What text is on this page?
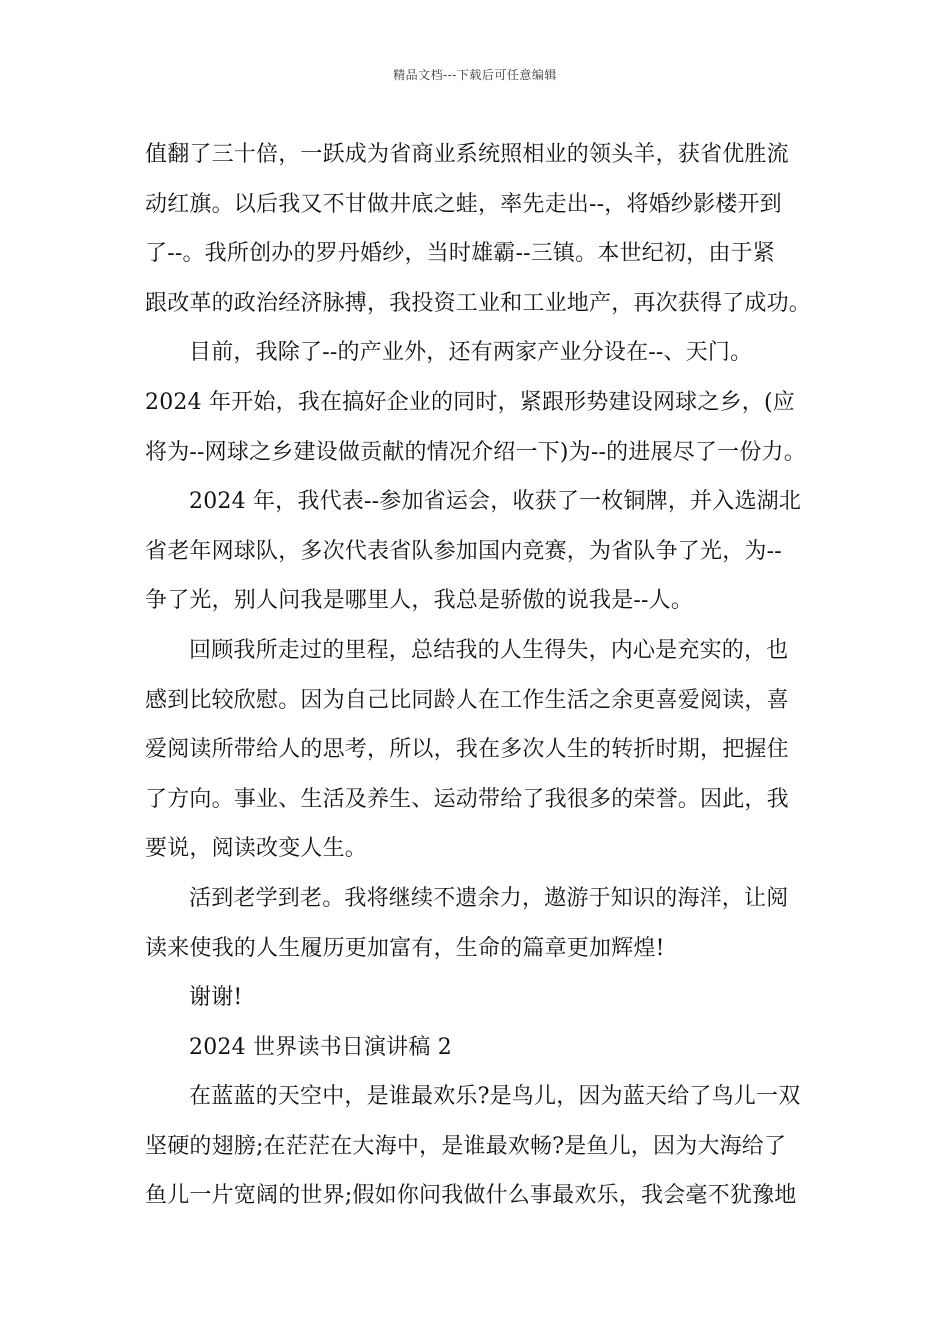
精品文档---下载后可任意编辑
值翻了三十倍，一跃成为省商业系统照相业的领头羊，获省优胜流
动红旗。以后我又不甘做井底之蛙，率先走出--，将婚纱影楼开到
了--。我所创办的罗丹婚纱，当时雄霸--三镇。本世纪初，由于紧
跟改革的政治经济脉搏，我投资工业和工业地产，再次获得了成功。
目前，我除了--的产业外，还有两家产业分设在--、天门。
2024 年开始，我在搞好企业的同时，紧跟形势建设网球之乡，(应
将为--网球之乡建设做贡献的情况介绍一下)为--的进展尽了一份力。
2024 年，我代表--参加省运会，收获了一枚铜牌，并入选湖北
省老年网球队，多次代表省队参加国内竞赛，为省队争了光，为--
争了光，别人问我是哪里人，我总是骄傲的说我是--人。
回顾我所走过的里程，总结我的人生得失，内心是充实的，也
感到比较欣慰。因为自己比同龄人在工作生活之余更喜爱阅读，喜
爱阅读所带给人的思考，所以，我在多次人生的转折时期，把握住
了方向。事业、生活及养生、运动带给了我很多的荣誉。因此，我
要说，阅读改变人生。
活到老学到老。我将继续不遗余力，遨游于知识的海洋，让阅
读来使我的人生履历更加富有，生命的篇章更加辉煌!
谢谢!
2024 世界读书日演讲稿 2
在蓝蓝的天空中，是谁最欢乐?是鸟儿，因为蓝天给了鸟儿一双
坚硬的翅膀;在茫茫在大海中，是谁最欢畅?是鱼儿，因为大海给了
鱼儿一片宽阔的世界;假如你问我做什么事最欢乐，我会毫不犹豫地
